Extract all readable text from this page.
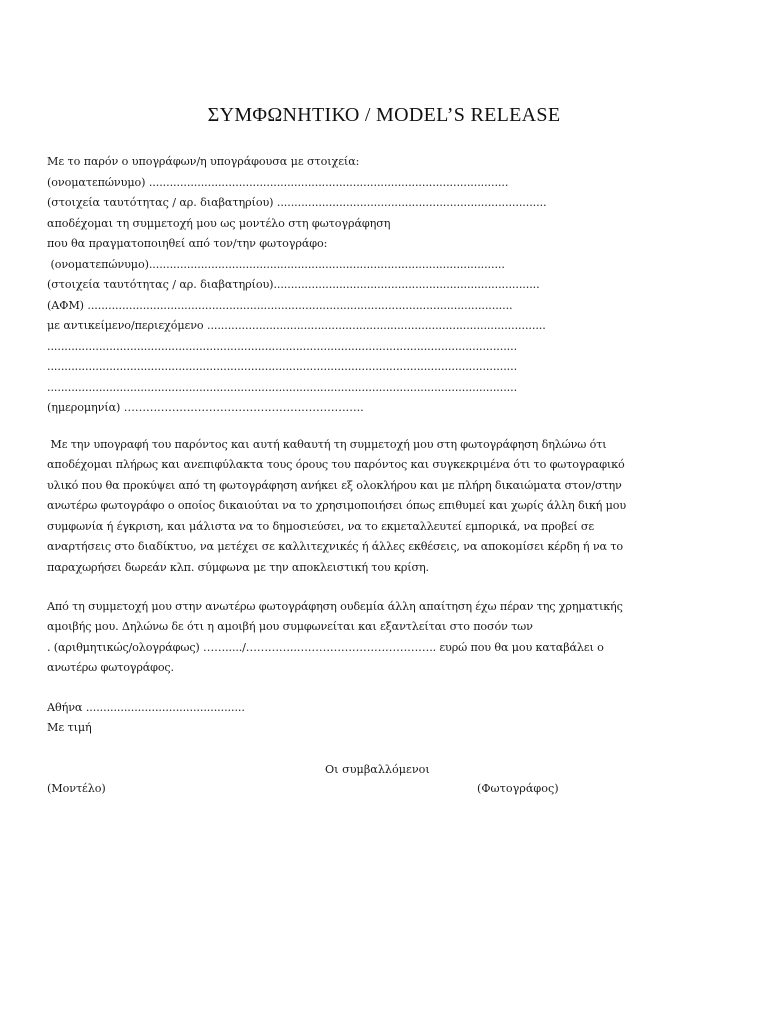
ΣΥΜΦΩΝΗΤΙΚΟ / MODEL’S RELEASE
Με το παρόν ο υπογράφων/η υπογράφουσα με στοιχεία:
(ονοματεπώνυμο) ........................................................................................................
(στοιχεία ταυτότητας / αρ. διαβατηρίου) ..............................................................................
αποδέχομαι τη συμμετοχή μου ως μοντέλο στη φωτογράφηση
που θα πραγματοποιηθεί από τον/την φωτογράφο:
(ονοματεπώνυμο).......................................................................................................
(στοιχεία ταυτότητας / αρ. διαβατηρίου).............................................................................
(ΑΦΜ) ...........................................................................................................................
με αντικείμενο/περιεχόμενο ..................................................................................................
........................................................................................................................................
........................................................................................................................................
........................................................................................................................................
(ημερομηνία) ………………………………………………………..
Με την υπογραφή του παρόντος και αυτή καθαυτή τη συμμετοχή μου στη φωτογράφηση δηλώνω ότι
αποδέχομαι πλήρως και ανεπιφύλακτα τους όρους του παρόντος και συγκεκριμένα ότι το φωτογραφικό
υλικό που θα προκύψει από τη φωτογράφηση ανήκει εξ ολοκλήρου και με πλήρη δικαιώματα στον/στην
ανωτέρω φωτογράφο ο οποίος δικαιούται να το χρησιμοποιήσει όπως επιθυμεί και χωρίς άλλη δική μου
συμφωνία ή έγκριση, και μάλιστα να το δημοσιεύσει, να το εκμεταλλευτεί εμπορικά, να προβεί σε
αναρτήσεις στο διαδίκτυο, να μετέχει σε καλλιτεχνικές ή άλλες εκθέσεις, να αποκομίσει κέρδη ή να το
παραχωρήσει δωρεάν κλπ. σύμφωνα με την αποκλειστική του κρίση.
Από τη συμμετοχή μου στην ανωτέρω φωτογράφηση ουδεμία άλλη απαίτηση έχω πέραν της χρηματικής
αμοιβής μου. Δηλώνω δε ότι η αμοιβή μου συμφωνείται και εξαντλείται στο ποσόν των
. (αριθμητικώς/ολογράφως) ……...../…………..……………………………….. ευρώ που θα μου καταβάλει ο
ανωτέρω φωτογράφος.
Αθήνα ..............................................
Με τιμή
Οι συμβαλλόμενοι
(Μοντέλο)	(Φωτογράφος)
